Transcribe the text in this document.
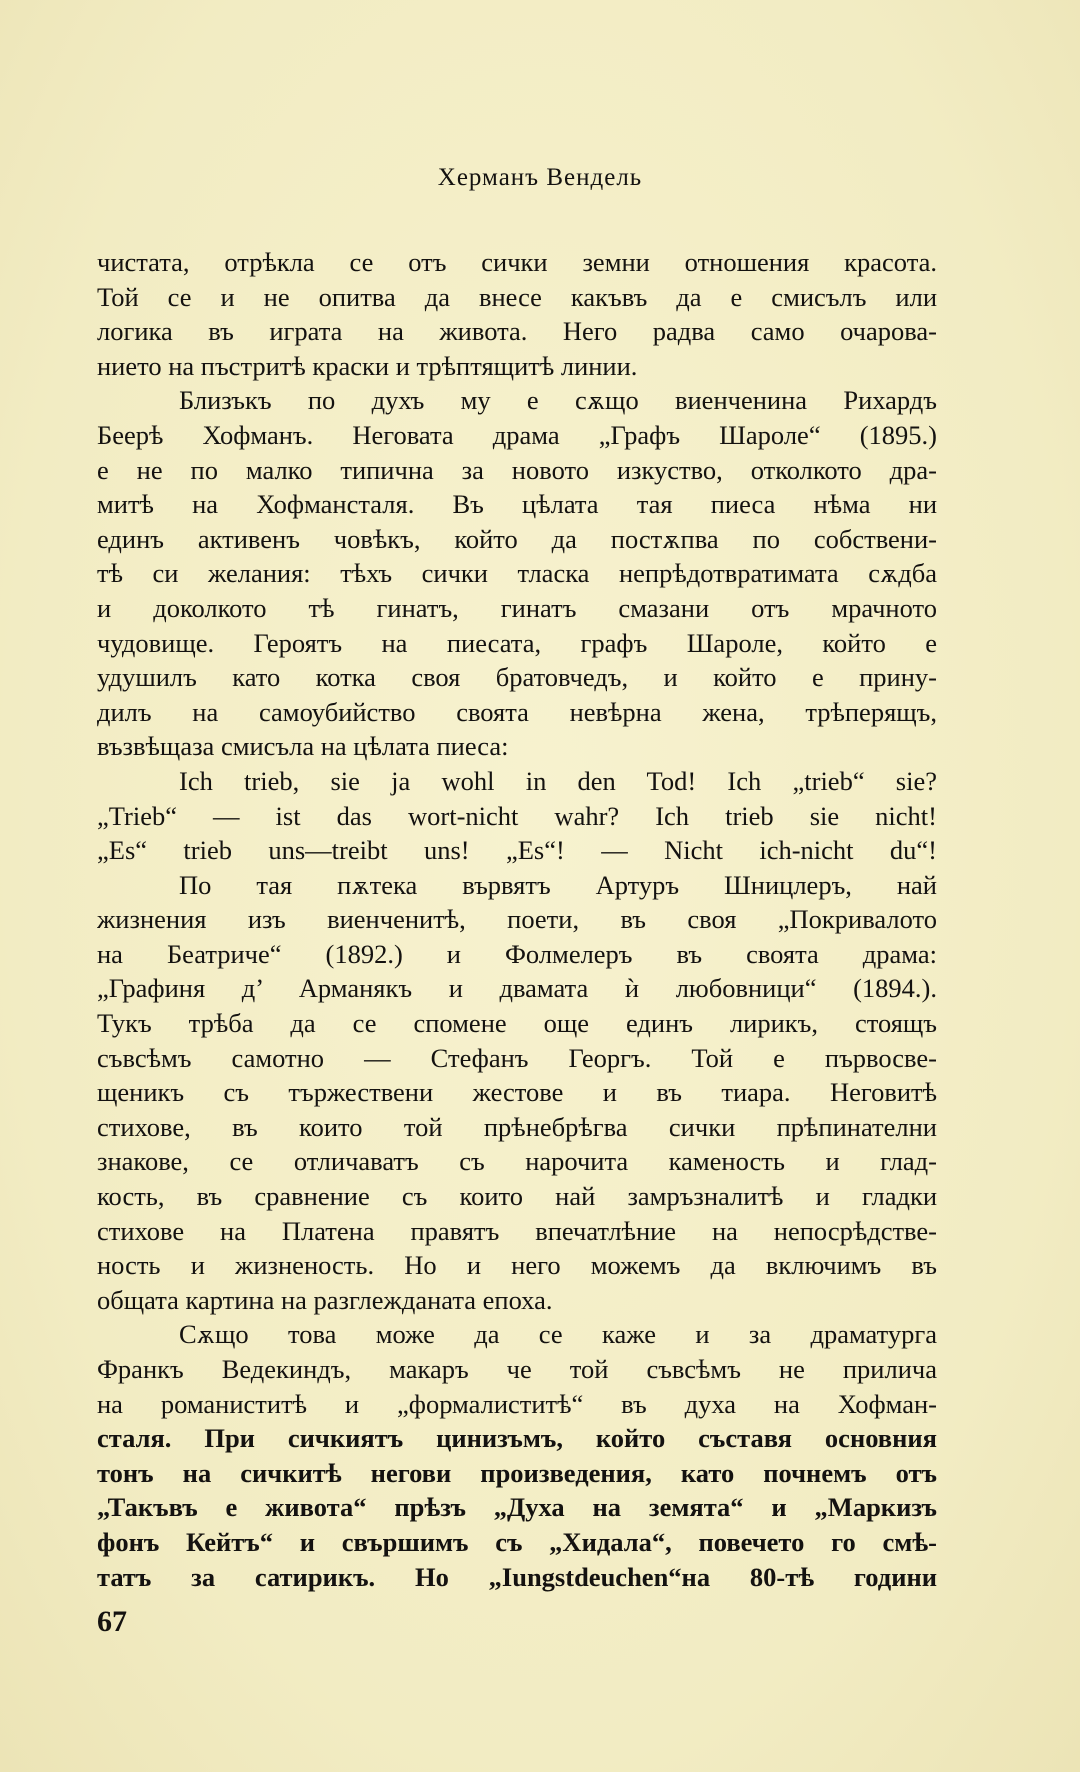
Херманъ Вендель
чистата, отрѣкла се отъ сички земни отношения красота.
Той се и не опитва да внесе какъвъ да е смисълъ или
логика въ играта на живота. Него радва само очарова-
нието на пъстритѣ краски и трѣптящитѣ линии.
Близъкъ по духъ му е сѫщо виенченина Рихардъ
Беерѣ Хофманъ. Неговата драма „Графъ Шароле“ (1895.)
е не по малко типична за новото изкуство, отколкото дра-
митѣ на Хофмансталя. Въ цѣлата тая пиеса нѣма ни
единъ активенъ човѣкъ, който да постѫпва по собствени-
тѣ си желания: тѣхъ сички тласка непрѣдотвратимата сѫдба
и доколкото тѣ гинатъ, гинатъ смазани отъ мрачното
чудовище. Героятъ на пиесата, графъ Шароле, който е
удушилъ като котка своя братовчедъ, и който е прину-
дилъ на самоубийство своята невѣрна жена, трѣперящъ,
възвѣщаза смисъла на цѣлата пиеса:
Ich trieb, sie ja wohl in den Tod! Ich „trieb“ sie?
„Trieb“ — ist das wort-nicht wahr? Ich trieb sie nicht!
„Es“ trieb uns—treibt uns! „Es“! — Nicht ich-nicht du“!
По тая пѫтека вървятъ Артуръ Шницлеръ, най
жизнения изъ виенченитѣ, поети, въ своя „Покривалото
на Беатриче“ (1892.) и Фолмелеръ въ своята драма:
„Графиня д’ Арманякъ и двамата ѝ любовници“ (1894.).
Тукъ трѣба да се спомене още единъ лирикъ, стоящъ
съвсѣмъ самотно — Стефанъ Георгъ. Той е първосве-
щеникъ съ тържествени жестове и въ тиара. Неговитѣ
стихове, въ които той прѣнебрѣгва сички прѣпинателни
знакове, се отличаватъ съ нарочита каменость и глад-
кость, въ сравнение съ които най замръзналитѣ и гладки
стихове на Платена правятъ впечатлѣние на непосрѣдстве-
ность и жизненость. Но и него можемъ да включимъ въ
общата картина на разглежданата епоха.
Сѫщо това може да се каже и за драматурга
Франкъ Ведекиндъ, макаръ че той съвсѣмъ не прилича
на романиститѣ и „формалиститѣ“ въ духа на Хофман-
сталя. При сичкиятъ цинизъмъ, който съставя основния
тонъ на сичкитѣ негови произведения, като почнемъ отъ
„Такъвъ е живота“ прѣзъ „Духа на земята“ и „Маркизъ
фонъ Кейтъ“ и свършимъ съ „Хидала“, повечето го смѣ-
татъ за сатирикъ. Но „Iungstdeuchen“на 80-тѣ години
67
